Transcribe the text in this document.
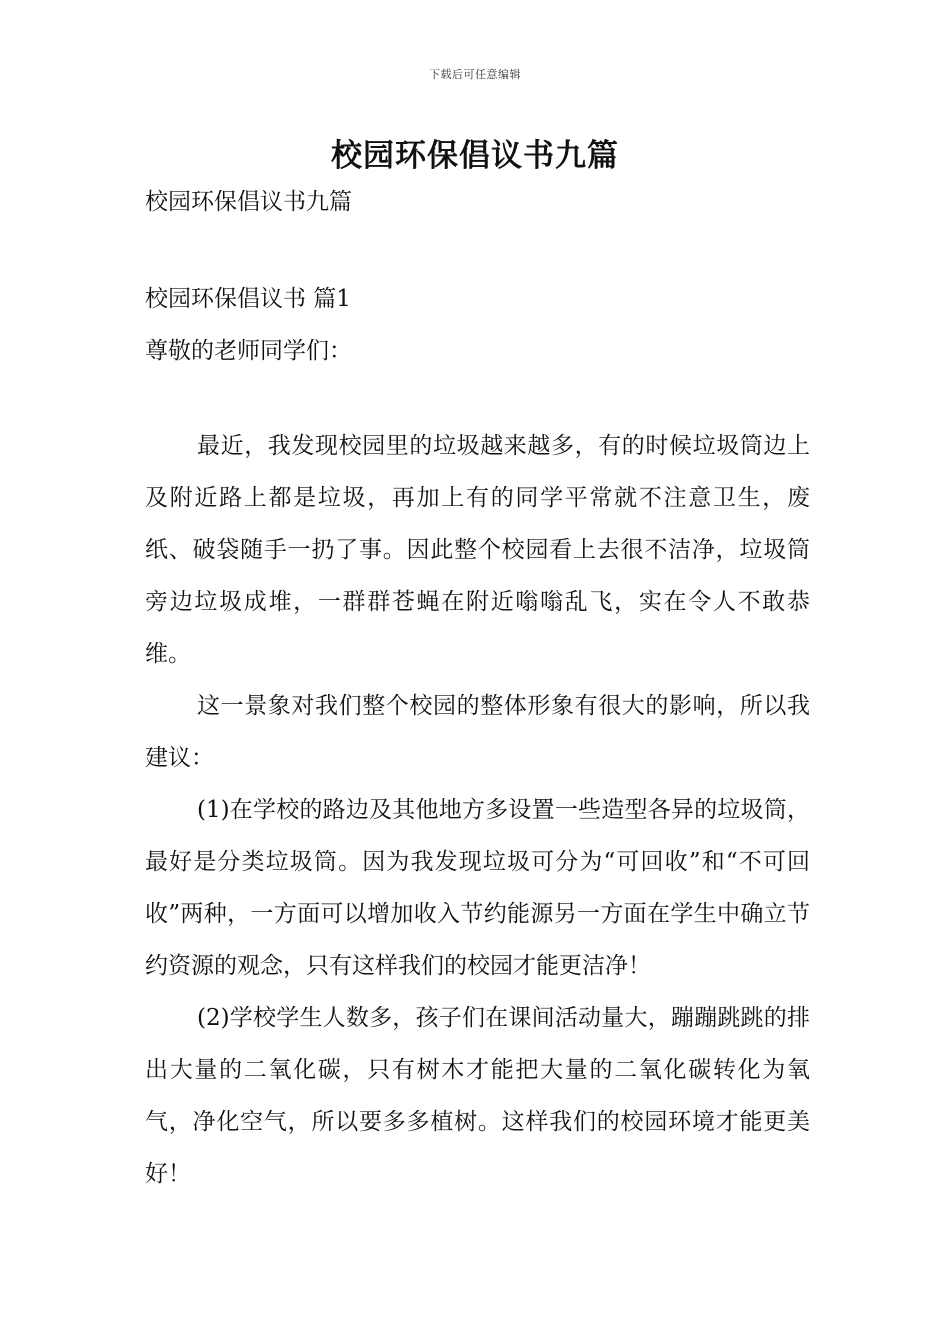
下载后可任意编辑
校园环保倡议书九篇

校园环保倡议书九篇

校园环保倡议书 篇1

尊敬的老师同学们：

最近，我发现校园里的垃圾越来越多，有的时候垃圾筒边上及附近路上都是垃圾，再加上有的同学平常就不注意卫生，废纸、破袋随手一扔了事。因此整个校园看上去很不洁净，垃圾筒旁边垃圾成堆，一群群苍蝇在附近嗡嗡乱飞，实在令人不敢恭维。

这一景象对我们整个校园的整体形象有很大的影响，所以我建议：

(1)在学校的路边及其他地方多设置一些造型各异的垃圾筒，最好是分类垃圾筒。因为我发现垃圾可分为“可回收”和“不可回收”两种，一方面可以增加收入节约能源另一方面在学生中确立节约资源的观念，只有这样我们的校园才能更洁净！

(2)学校学生人数多，孩子们在课间活动量大，蹦蹦跳跳的排出大量的二氧化碳，只有树木才能把大量的二氧化碳转化为氧气，净化空气，所以要多多植树。这样我们的校园环境才能更美好！
